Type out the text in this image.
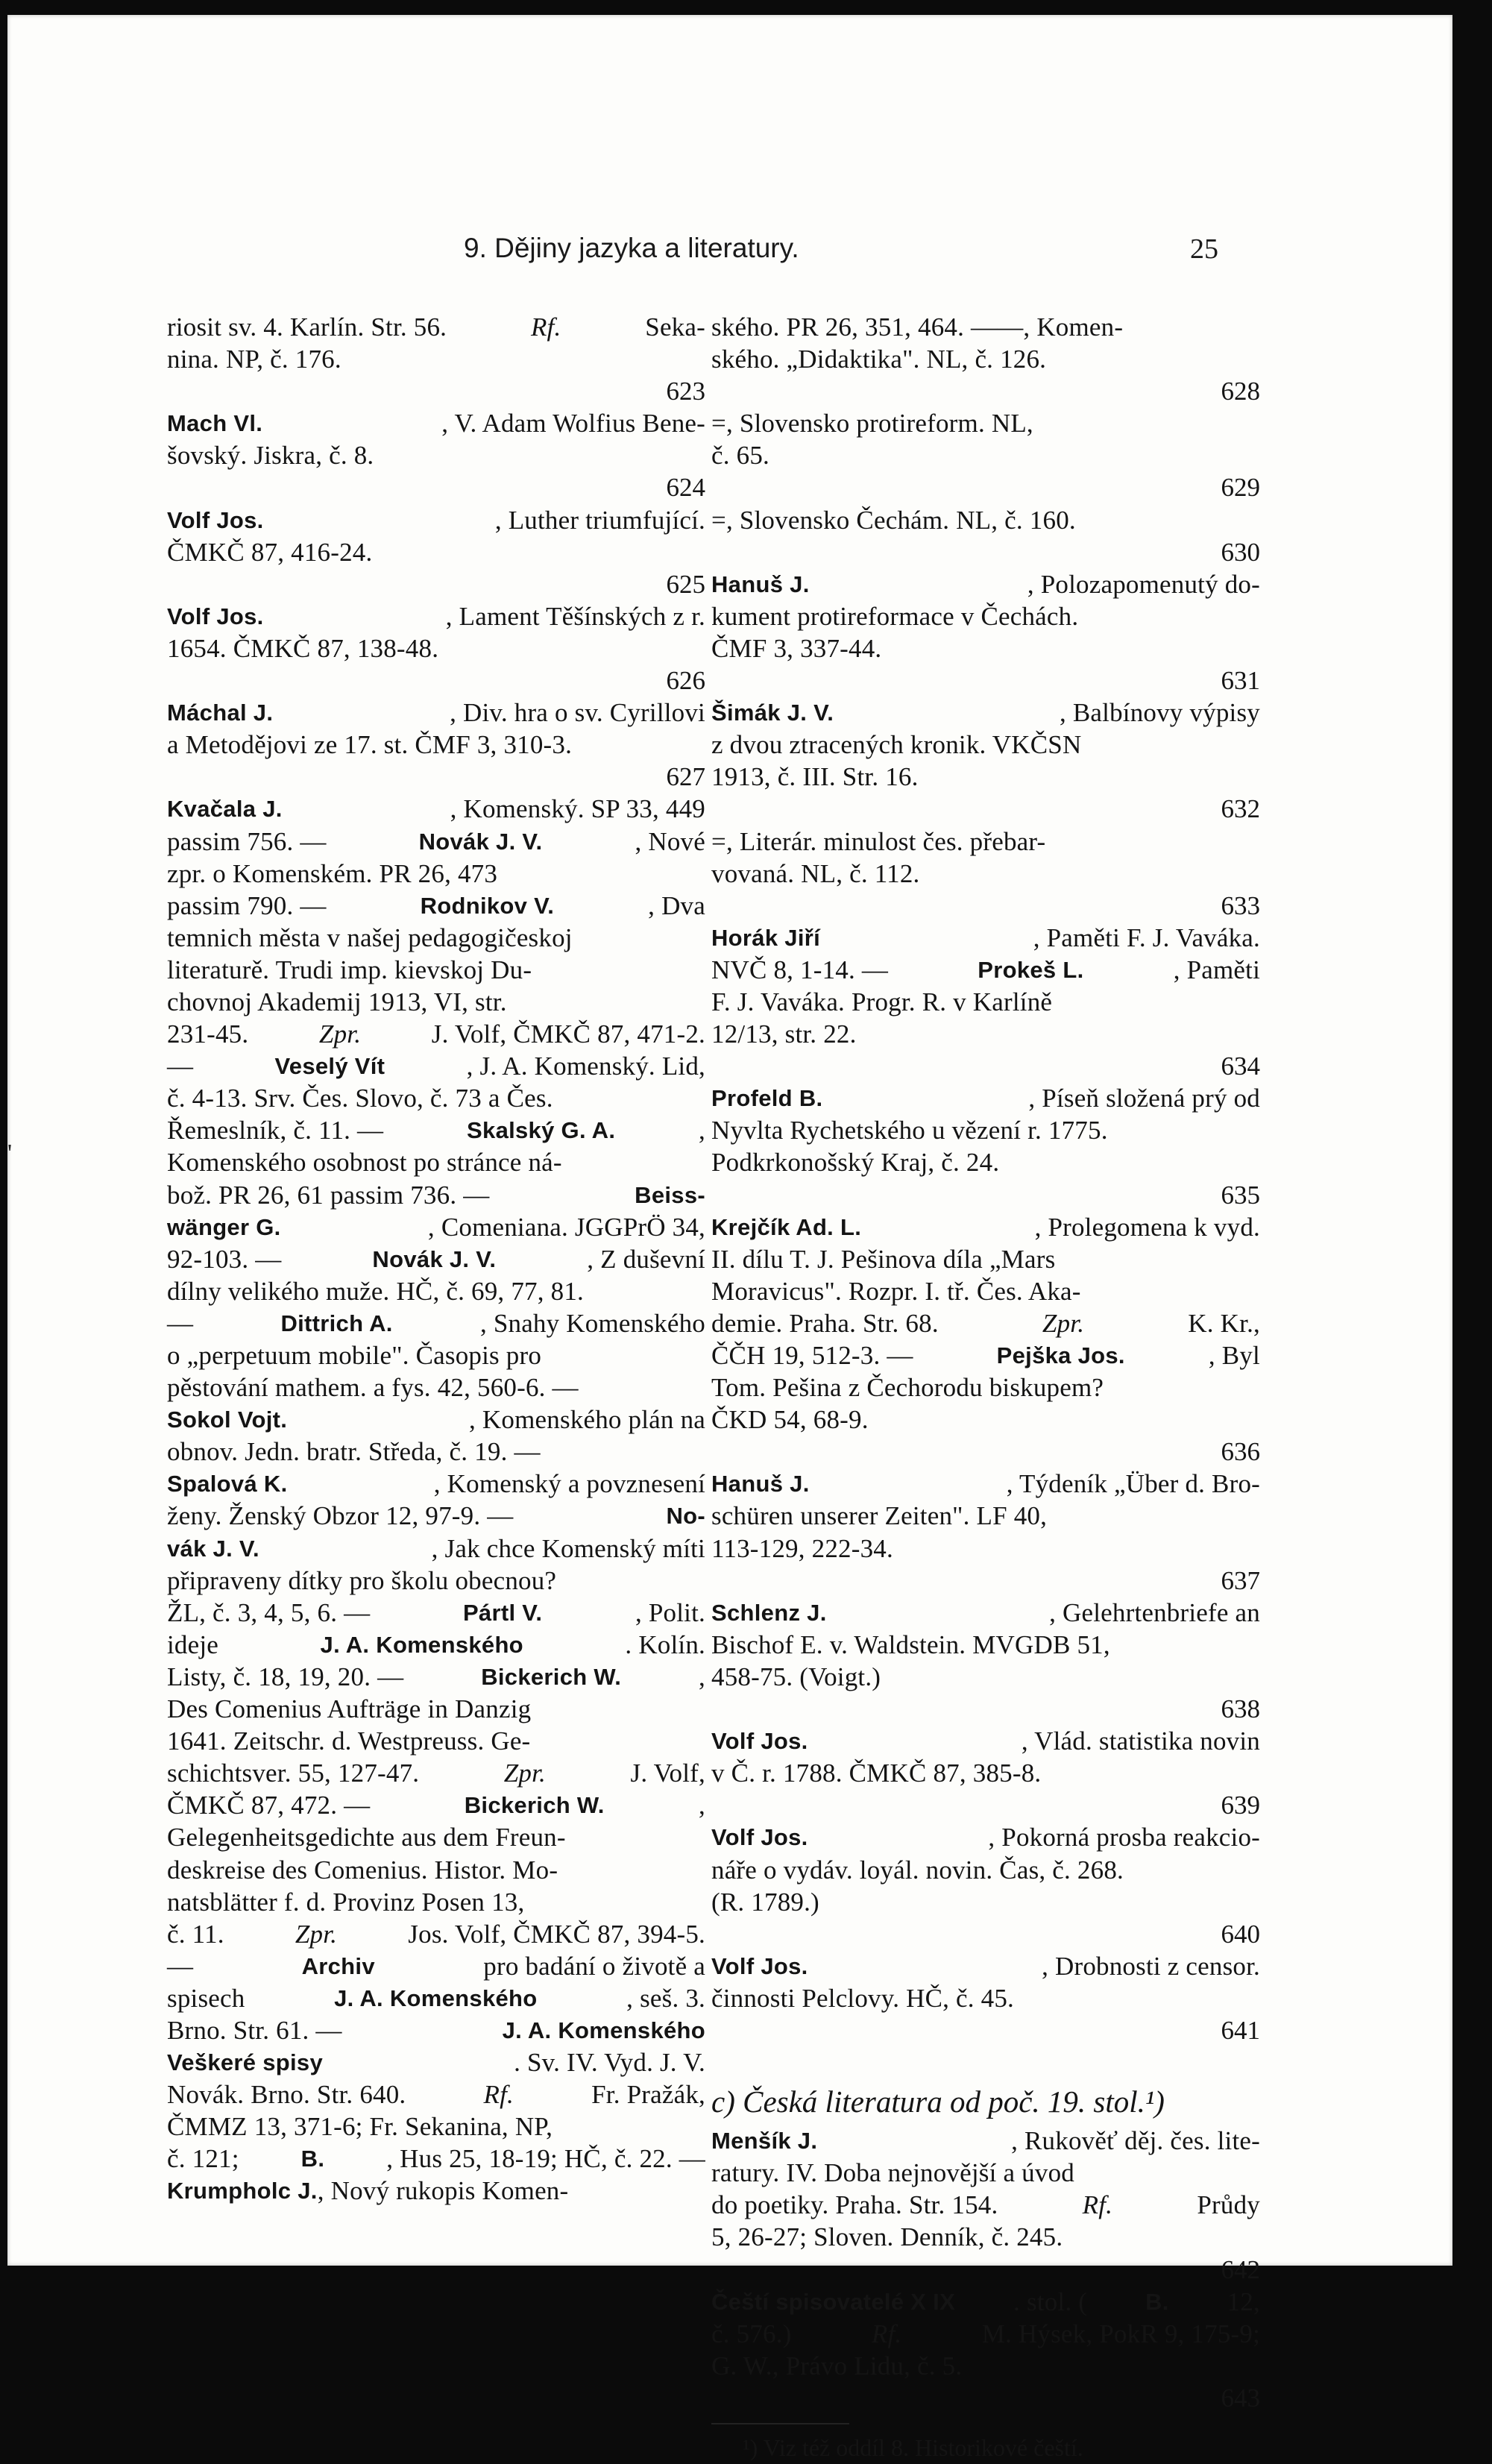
'
9. Dějiny jazyka a literatury.	25
riosit sv. 4. Karlín. Str. 56.	Rf.	Seka-
nina. NP, č. 176.
623
Mach Vl.	, V. Adam Wolfius Bene-
šovský. Jiskra, č. 8.
624
Volf Jos.	, Luther triumfující.
ČMKČ 87, 416-24.
625
Volf Jos.	, Lament Těšínských z r.
1654. ČMKČ 87, 138-48.
626
Máchal J.	, Div. hra o sv. Cyrillovi
a Metodějovi ze 17. st. ČMF 3, 310-3.
627
Kvačala J.	, Komenský. SP 33, 449
passim 756. —	Novák J. V.	, Nové
zpr. o Komenském. PR 26, 473
passim 790. —	Rodnikov V.	, Dva
temnich města v našej pedagogičeskoj
literaturě. Trudi imp. kievskoj Du-
chovnoj Akademij 1913, VI, str.
231-45.	Zpr.	J. Volf, ČMKČ 87, 471-2.
—	Veselý Vít	, J. A. Komenský. Lid,
č. 4-13. Srv. Čes. Slovo, č. 73 a Čes.
Řemeslník, č. 11. —	Skalský G. A.	,
Komenského osobnost po stránce ná-
bož. PR 26, 61 passim 736. —	Beiss-
wänger G.	, Comeniana. JGGPrÖ 34,
92-103. —	Novák J. V.	, Z duševní
dílny velikého muže. HČ, č. 69, 77, 81.
—	Dittrich A.	, Snahy Komenského
o „perpetuum mobile". Časopis pro
pěstování mathem. a fys. 42, 560-6. —
Sokol Vojt.	, Komenského plán na
obnov. Jedn. bratr. Středa, č. 19. —
Spalová K.	, Komenský a povznesení
ženy. Ženský Obzor 12, 97-9. —	No-
vák J. V.	, Jak chce Komenský míti
připraveny dítky pro školu obecnou?
ŽL, č. 3, 4, 5, 6. —	Pártl V.	, Polit.
ideje	J. A. Komenského	. Kolín.
Listy, č. 18, 19, 20. —	Bickerich W.	,
Des Comenius Aufträge in Danzig
1641. Zeitschr. d. Westpreuss. Ge-
schichtsver. 55, 127-47.	Zpr.	J. Volf,
ČMKČ 87, 472. —	Bickerich W.	,
Gelegenheitsgedichte aus dem Freun-
deskreise des Comenius. Histor. Mo-
natsblätter f. d. Provinz Posen 13,
č. 11.	Zpr.	Jos. Volf, ČMKČ 87, 394-5.
—	Archiv	pro badání o životě a
spisech	J. A. Komenského	, seš. 3.
Brno. Str. 61. —	J. A. Komenského
Veškeré spisy	. Sv. IV. Vyd. J. V.
Novák. Brno. Str. 640.	Rf.	Fr. Pražák,
ČMMZ 13, 371-6; Fr. Sekanina, NP,
č. 121;	B. , Hus 25, 18-19; HČ, č. 22. —
Krumpholc J. , Nový rukopis Komen-
ského. PR 26, 351, 464. ——, Komen-
ského. „Didaktika". NL, č. 126.
628
=, Slovensko protireform. NL,
č. 65.
629
=, Slovensko Čechám. NL, č. 160.
630
Hanuš J.	, Polozapomenutý do-
kument protireformace v Čechách.
ČMF 3, 337-44.
631
Šimák J. V.	, Balbínovy výpisy
z dvou ztracených kronik. VKČSN
1913, č. III. Str. 16.
632
=, Literár. minulost čes. přebar-
vovaná. NL, č. 112.
633
Horák Jiří	, Paměti F. J. Vaváka.
NVČ 8, 1-14. —	Prokeš L.	, Paměti
F. J. Vaváka. Progr. R. v Karlíně
12/13, str. 22.
634
Profeld B.	, Píseň složená prý od
Nyvlta Rychetského u vězení r. 1775.
Podkrkonošský Kraj, č. 24.
635
Krejčík Ad. L.	, Prolegomena k vyd.
II. dílu T. J. Pešinova díla „Mars
Moravicus". Rozpr. I. tř. Čes. Aka-
demie. Praha. Str. 68.	Zpr.	K. Kr.,
ČČH 19, 512-3. —	Pejška Jos.	, Byl
Tom. Pešina z Čechorodu biskupem?
ČKD 54, 68-9.
636
Hanuš J.	, Týdeník „Über d. Bro-
schüren unserer Zeiten". LF 40,
113-129, 222-34.
637
Schlenz J.	, Gelehrtenbriefe an
Bischof E. v. Waldstein. MVGDB 51,
458-75. (Voigt.)
638
Volf Jos.	, Vlád. statistika novin
v Č. r. 1788. ČMKČ 87, 385-8.
639
Volf Jos.	, Pokorná prosba reakcio-
náře o vydáv. loyál. novin. Čas, č. 268.
(R. 1789.)
640
Volf Jos.	, Drobnosti z censor.
činnosti Pelclovy. HČ, č. 45.
641
c) Česká literatura od poč. 19. stol.¹)
Menšík J.	, Rukověť děj. čes. lite-
ratury. IV. Doba nejnovější a úvod
do poetiky. Praha. Str. 154.	Rf.	Průdy
5, 26-27; Sloven. Denník, č. 245.
642
Čeští spisovatelé X IX . stol. (	B. 12,
č. 576.)	Rf.	M. Hýsek, PokR 9, 175-9;
G. W., Právo Lidu, č. 5.
643
¹) Viz též oddíl 8. Historikové čeští.
